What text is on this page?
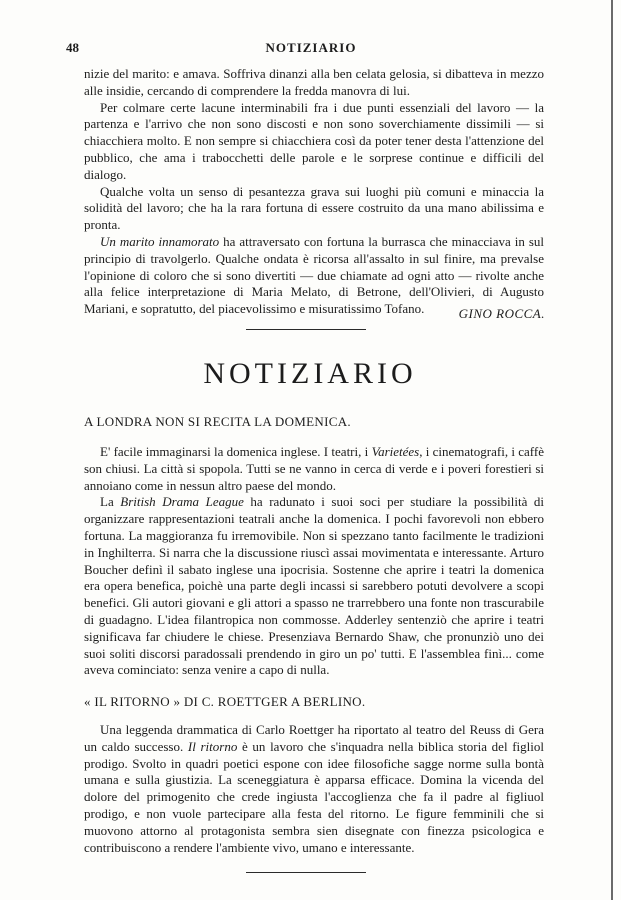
48	NOTIZIARIO

nizie del marito: e amava. Soffriva dinanzi alla ben celata gelosia, si dibatteva in mezzo alle insidie, cercando di comprendere la fredda manovra di lui.

Per colmare certe lacune interminabili fra i due punti essenziali del lavoro — la partenza e l'arrivo che non sono discosti e non sono soverchiamente dissimili — si chiacchiera molto. E non sempre si chiacchiera così da poter tener desta l'attenzione del pubblico, che ama i trabocchetti delle parole e le sorprese continue e difficili del dialogo.

Qualche volta un senso di pesantezza grava sui luoghi più comuni e minaccia la solidità del lavoro; che ha la rara fortuna di essere costruito da una mano abilissima e pronta.

Un marito innamorato ha attraversato con fortuna la burrasca che minacciava in sul principio di travolgerlo. Qualche ondata è ricorsa all'assalto in sul finire, ma prevalse l'opinione di coloro che si sono divertiti — due chiamate ad ogni atto — rivolte anche alla felice interpretazione di Maria Melato, di Betrone, dell'Olivieri, di Augusto Mariani, e sopratutto, del piacevolissimo e misuratissimo Tofano.	GINO ROCCA.
NOTIZIARIO
A LONDRA NON SI RECITA LA DOMENICA.

E' facile immaginarsi la domenica inglese. I teatri, i Varietées, i cinematografi, i caffè son chiusi. La città si spopola. Tutti se ne vanno in cerca di verde e i poveri forestieri si annoiano come in nessun altro paese del mondo.

La British Drama League ha radunato i suoi soci per studiare la possibilità di organizzare rappresentazioni teatrali anche la domenica. I pochi favorevoli non ebbero fortuna. La maggioranza fu irremovibile. Non si spezzano tanto facilmente le tradizioni in Inghilterra. Si narra che la discussione riuscì assai movimentata e interessante. Arturo Boucher definì il sabato inglese una ipocrisia. Sostenne che aprire i teatri la domenica era opera benefica, poichè una parte degli incassi si sarebbero potuti devolvere a scopi benefici. Gli autori giovani e gli attori a spasso ne trarrebbero una fonte non trascurabile di guadagno. L'idea filantropica non commosse. Adderley sentenziò che aprire i teatri significava far chiudere le chiese. Presenziava Bernardo Shaw, che pronunziò uno dei suoi soliti discorsi paradossali prendendo in giro un po' tutti. E l'assemblea finì... come aveva cominciato: senza venire a capo di nulla.

« IL RITORNO » DI C. ROETTGER A BERLINO.

Una leggenda drammatica di Carlo Roettger ha riportato al teatro del Reuss di Gera un caldo successo. Il ritorno è un lavoro che s'inquadra nella biblica storia del figliol prodigo. Svolto in quadri poetici espone con idee filosofiche sagge norme sulla bontà umana e sulla giustizia. La sceneggiatura è apparsa efficace. Domina la vicenda del dolore del primogenito che crede ingiusta l'accoglienza che fa il padre al figliuol prodigo, e non vuole partecipare alla festa del ritorno. Le figure femminili che si muovono attorno al protagonista sembra sien disegnate con finezza psicologica e contribuiscono a rendere l'ambiente vivo, umano e interessante.
